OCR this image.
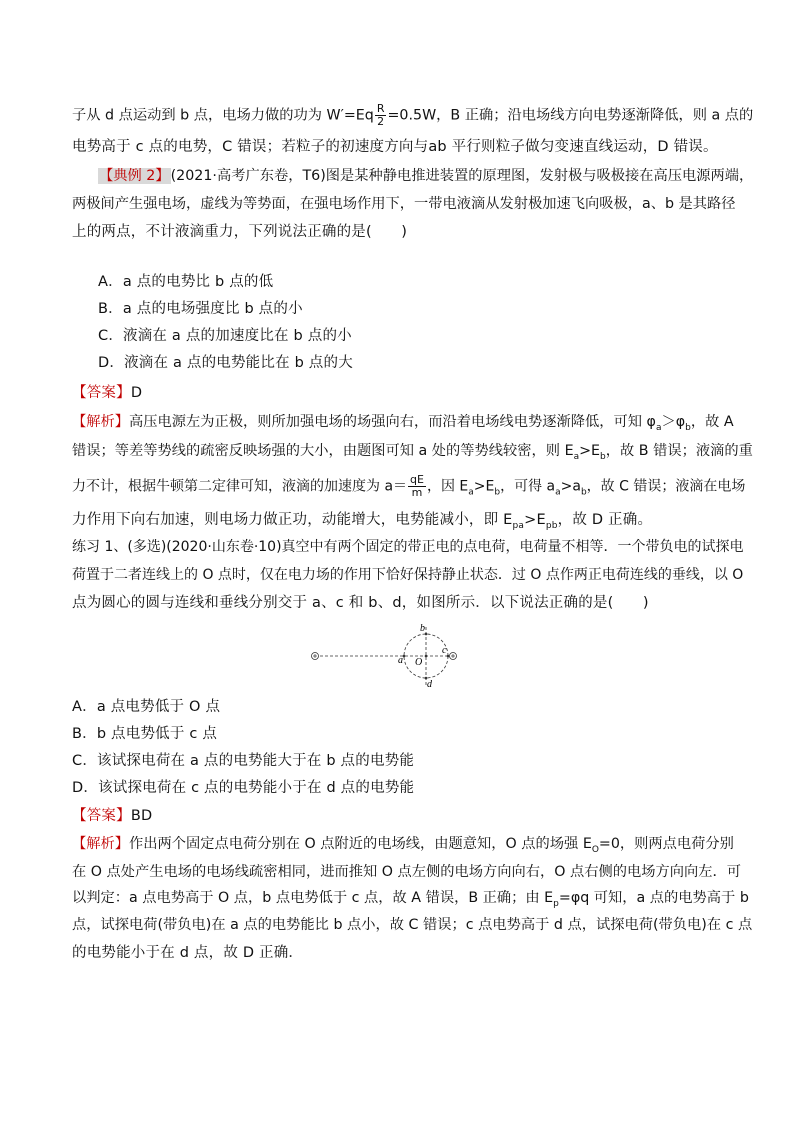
子从 d 点运动到 b 点，电场力做的功为 $W'=Eq \frac{R}{2} =0.5W$，B 正确；沿电场线方向电势逐渐降低，则 a 点的
电势高于 c 点的电势，C 错误；若粒子的初速度方向与ab 平行则粒子做匀变速直线运动，D 错误。
【典例 2】(2021·高考广东卷，T6)图是某种静电推进装置的原理图，发射极与吸极接在高压电源两端，
两极间产生强电场，虚线为等势面，在强电场作用下，一带电液滴从发射极加速飞向吸极，a、b 是其路径
上的两点，不计液滴重力，下列说法正确的是(　　)
A．a 点的电势比 b 点的低
B．a 点的电场强度比 b 点的小
C．液滴在 a 点的加速度比在 b 点的小
D．液滴在 a 点的电势能比在 b 点的大
【答案】D
【解析】高压电源左为正极，则所加强电场的场强向右，而沿着电场线电势逐渐降低，可知 $\varphi_a>\varphi_b$，故 A
错误；等差等势线的疏密反映场强的大小，由题图可知 a 处的等势线较密，则 $E_a>E_b$，故 B 错误；液滴的重
力不计，根据牛顿第二定律可知，液滴的加速度为 $a= \frac{qE}{m}$ ，因 $E_a>E_b$，可得 $a_a>a_b$，故 C 错误；液滴在电场
力作用下向右加速，则电场力做正功，动能增大，电势能减小，即 $E_{pa}>E_{pb}$，故 D 正确。
练习 1、(多选)(2020·山东卷·10)真空中有两个固定的带正电的点电荷，电荷量不相等．一个带负电的试探电
荷置于二者连线上的 O 点时，仅在电力场的作用下恰好保持静止状态．过 O 点作两正电荷连线的垂线，以 O
点为圆心的圆与连线和垂线分别交于 a、c 和 b、d，如图所示．以下说法正确的是(　　)
b
a O
c
d
A．a 点电势低于 O 点
B．b 点电势低于 c 点
C．该试探电荷在 a 点的电势能大于在 b 点的电势能
D．该试探电荷在 c 点的电势能小于在 d 点的电势能
【答案】BD
【解析】作出两个固定点电荷分别在 O 点附近的电场线，由题意知，O 点的场强 $E_O=0$，则两点电荷分别
在 O 点处产生电场的电场线疏密相同，进而推知 O 点左侧的电场方向向右，O 点右侧的电场方向向左．可
以判定：a 点电势高于 O 点，b 点电势低于 c 点，故 A 错误，B 正确；由 $E_p=\varphi q$ 可知，a 点的电势高于 b
点，试探电荷(带负电)在 a 点的电势能比 b 点小，故 C 错误；c 点电势高于 d 点，试探电荷(带负电)在 c 点
的电势能小于在 d 点，故 D 正确．
